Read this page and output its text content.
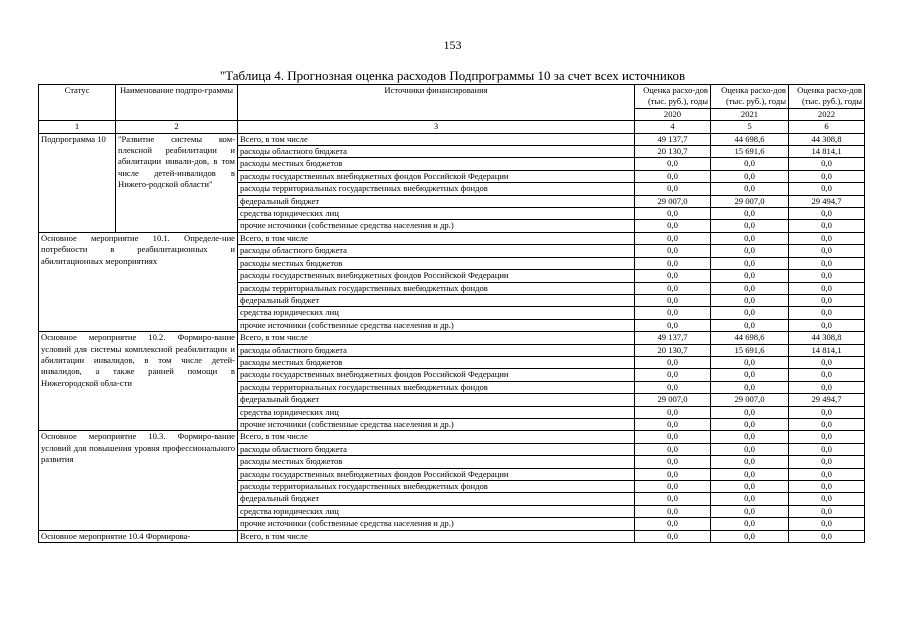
153
"Таблица 4. Прогнозная оценка расходов Подпрограммы 10 за счет всех источников
Статус	Наименование подпро-граммы	Источники финансирования	Оценка расхо-дов (тыс. руб.), годы	Оценка расхо-дов (тыс. руб.), годы	Оценка расхо-дов (тыс. руб.), годы
			2020	2021	2022
1	2	3	4	5	6
Подпрограмма 10	"Развитие системы ком-плексной реабилитации и абилитации инвали-дов, в том числе детей-инвалидов в Нижего-родской области"	Всего, в том числе	49 137,7	44 698,6	44 308,8
		расходы областного бюджета	20 130,7	15 691,6	14 814,1
		расходы местных бюджетов	0,0	0,0	0,0
		расходы государственных внебюджетных фондов Российской Федерации	0,0	0,0	0,0
		расходы территориальных государственных внебюджетных фондов	0,0	0,0	0,0
		федеральный бюджет	29 007,0	29 007,0	29 494,7
		средства юридических лиц	0,0	0,0	0,0
		прочие источники (собственные средства населения и др.)	0,0	0,0	0,0
Основное мероприятие 10.1. Определе-ние потребности в реабилитационных и абилитационных мероприятиях		Всего, в том числе	0,0	0,0	0,0
		расходы областного бюджета	0,0	0,0	0,0
		расходы местных бюджетов	0,0	0,0	0,0
		расходы государственных внебюджетных фондов Российской Федерации	0,0	0,0	0,0
		расходы территориальных государственных внебюджетных фондов	0,0	0,0	0,0
		федеральный бюджет	0,0	0,0	0,0
		средства юридических лиц	0,0	0,0	0,0
		прочие источники (собственные средства населения и др.)	0,0	0,0	0,0
Основное мероприятие 10.2. Формиро-вание условий для системы комплексной реабилитации и абилитации инвалидов, в том числе детей-инвалидов, а также ранней помощи в Нижегородской обла-сти		Всего, в том числе	49 137,7	44 698,6	44 308,8
		расходы областного бюджета	20 130,7	15 691,6	14 814,1
		расходы местных бюджетов	0,0	0,0	0,0
		расходы государственных внебюджетных фондов Российской Федерации	0,0	0,0	0,0
		расходы территориальных государственных внебюджетных фондов	0,0	0,0	0,0
		федеральный бюджет	29 007,0	29 007,0	29 494,7
		средства юридических лиц	0,0	0,0	0,0
		прочие источники (собственные средства населения и др.)	0,0	0,0	0,0
Основное мероприятие 10.3. Формиро-вание условий для повышения уровня профессионального развития		Всего, в том числе	0,0	0,0	0,0
		расходы областного бюджета	0,0	0,0	0,0
		расходы местных бюджетов	0,0	0,0	0,0
		расходы государственных внебюджетных фондов Российской Федерации	0,0	0,0	0,0
		расходы территориальных государственных внебюджетных фондов	0,0	0,0	0,0
		федеральный бюджет	0,0	0,0	0,0
		средства юридических лиц	0,0	0,0	0,0
		прочие источники (собственные средства населения и др.)	0,0	0,0	0,0
Основное мероприятие 10.4 Формирова-		Всего, в том числе	0,0	0,0	0,0
